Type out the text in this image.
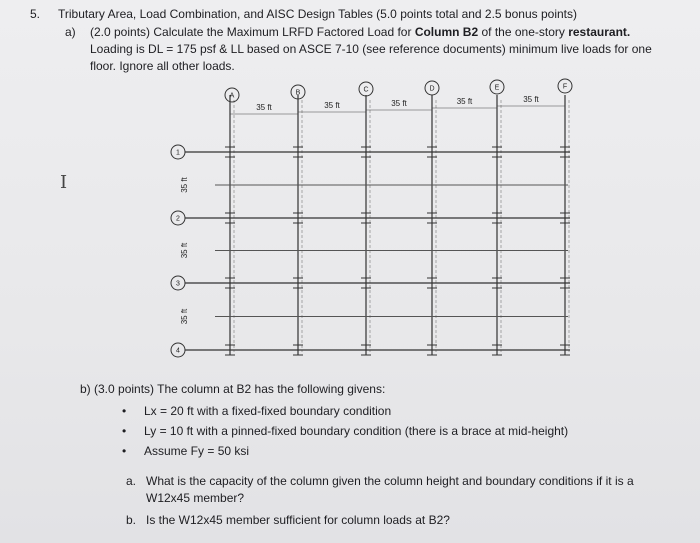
5. Tributary Area, Load Combination, and AISC Design Tables (5.0 points total and 2.5 bonus points)
a) (2.0 points) Calculate the Maximum LRFD Factored Load for Column B2 of the one-story restaurant.
Loading is DL = 175 psf & LL based on ASCE 7-10 (see reference documents) minimum live loads for one
floor. Ignore all other loads.
I
A	B	C	D	E	F
1
2
3
4
35 ft	35 ft	35 ft	35 ft	35 ft
35 ft
35 ft
35 ft
b) (3.0 points) The column at B2 has the following givens:
• Lx = 20 ft with a fixed-fixed boundary condition
• Ly = 10 ft with a pinned-fixed boundary condition (there is a brace at mid-height)
• Assume Fy = 50 ksi
a. What is the capacity of the column given the column height and boundary conditions if it is a
W12x45 member?
b. Is the W12x45 member sufficient for column loads at B2?
